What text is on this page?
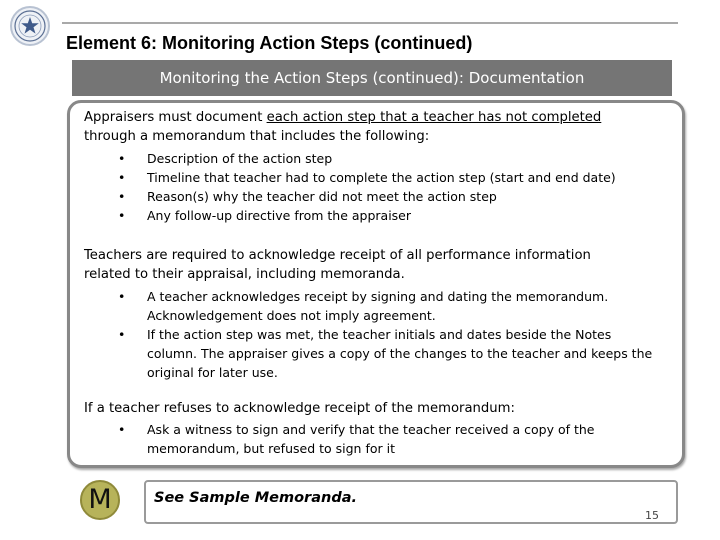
Element 6: Monitoring Action Steps (continued)
Monitoring the Action Steps (continued): Documentation
Appraisers must document each action step that a teacher has not completed
through a memorandum that includes the following:
• Description of the action step
• Timeline that teacher had to complete the action step (start and end date)
• Reason(s) why the teacher did not meet the action step
• Any follow-up directive from the appraiser
Teachers are required to acknowledge receipt of all performance information
related to their appraisal, including memoranda.
• A teacher acknowledges receipt by signing and dating the memorandum.
Acknowledgement does not imply agreement.
• If the action step was met, the teacher initials and dates beside the Notes
column. The appraiser gives a copy of the changes to the teacher and keeps the
original for later use.
If a teacher refuses to acknowledge receipt of the memorandum:
• Ask a witness to sign and verify that the teacher received a copy of the
memorandum, but refused to sign for it
M	See Sample Memoranda.
15
